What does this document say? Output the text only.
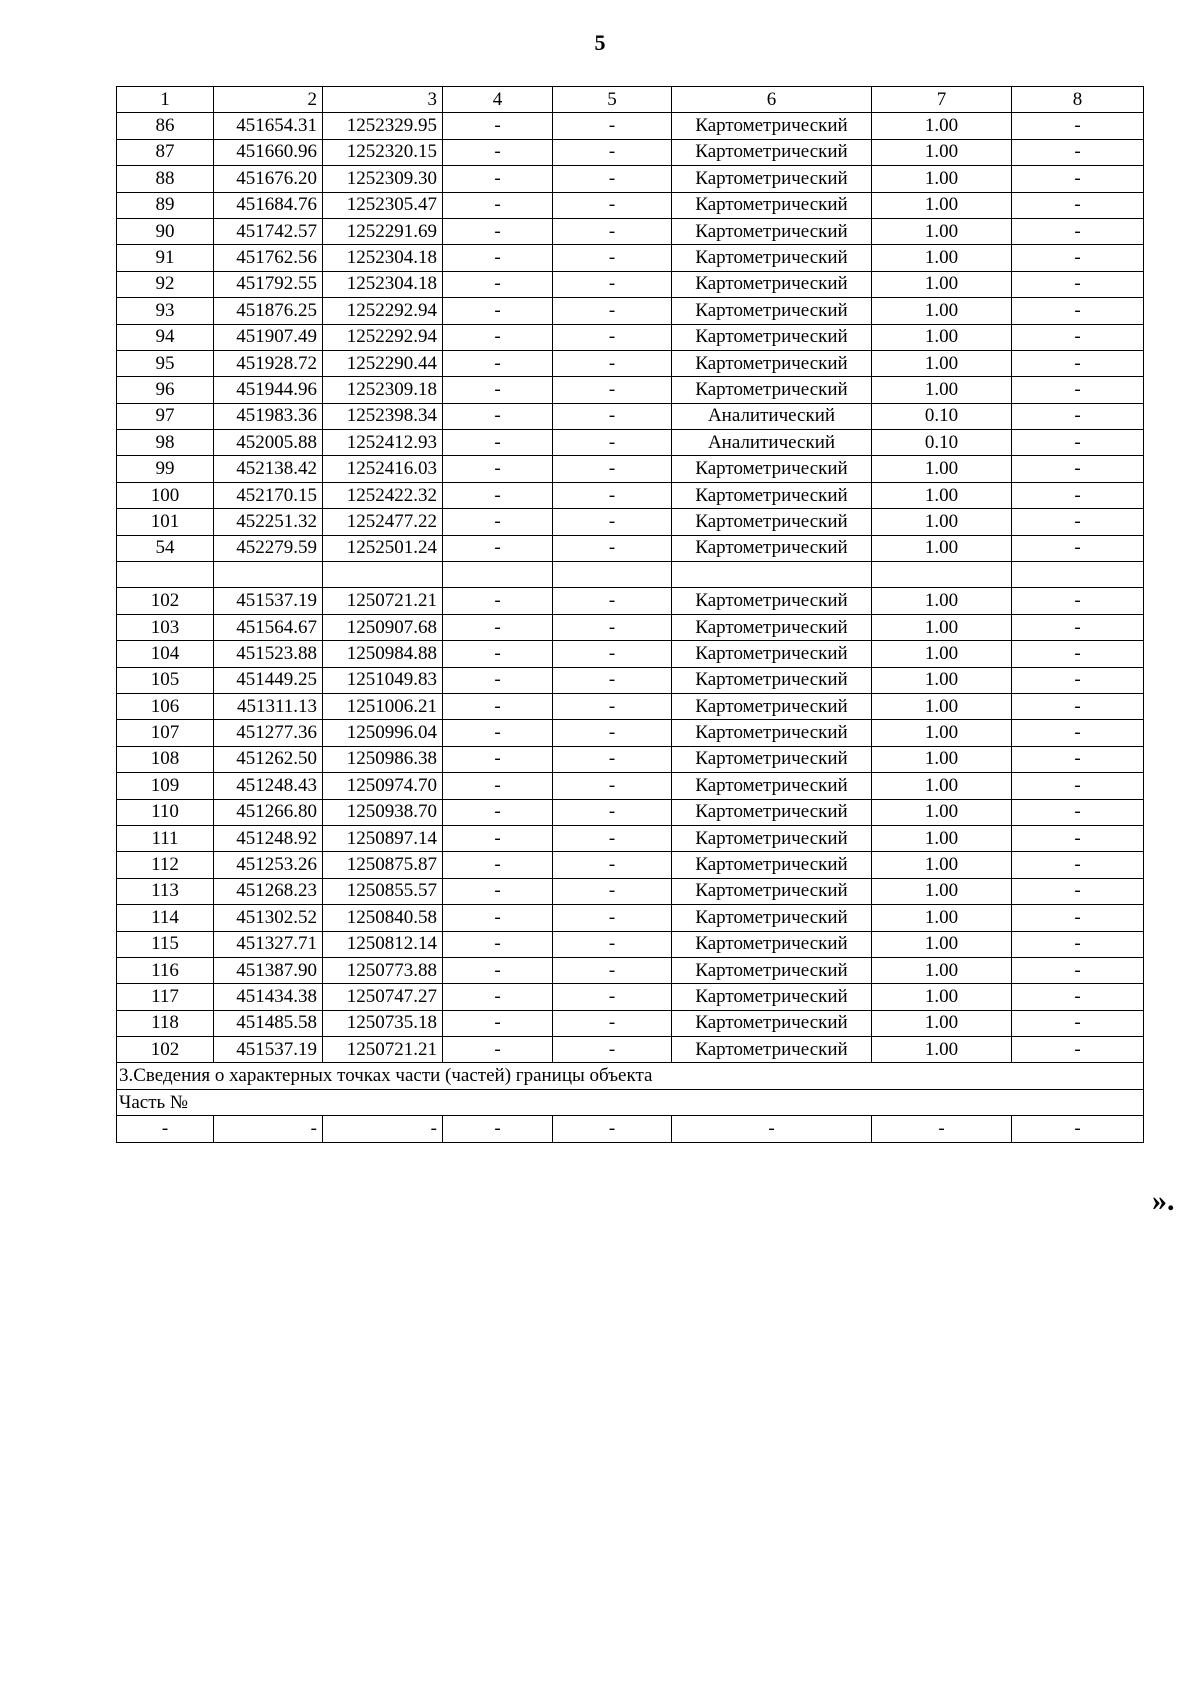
5
1	2	3	4	5	6	7	8
86	451654.31	1252329.95	-	-	Картометрический	1.00	-
87	451660.96	1252320.15	-	-	Картометрический	1.00	-
88	451676.20	1252309.30	-	-	Картометрический	1.00	-
89	451684.76	1252305.47	-	-	Картометрический	1.00	-
90	451742.57	1252291.69	-	-	Картометрический	1.00	-
91	451762.56	1252304.18	-	-	Картометрический	1.00	-
92	451792.55	1252304.18	-	-	Картометрический	1.00	-
93	451876.25	1252292.94	-	-	Картометрический	1.00	-
94	451907.49	1252292.94	-	-	Картометрический	1.00	-
95	451928.72	1252290.44	-	-	Картометрический	1.00	-
96	451944.96	1252309.18	-	-	Картометрический	1.00	-
97	451983.36	1252398.34	-	-	Аналитический	0.10	-
98	452005.88	1252412.93	-	-	Аналитический	0.10	-
99	452138.42	1252416.03	-	-	Картометрический	1.00	-
100	452170.15	1252422.32	-	-	Картометрический	1.00	-
101	452251.32	1252477.22	-	-	Картометрический	1.00	-
54	452279.59	1252501.24	-	-	Картометрический	1.00	-

102	451537.19	1250721.21	-	-	Картометрический	1.00	-
103	451564.67	1250907.68	-	-	Картометрический	1.00	-
104	451523.88	1250984.88	-	-	Картометрический	1.00	-
105	451449.25	1251049.83	-	-	Картометрический	1.00	-
106	451311.13	1251006.21	-	-	Картометрический	1.00	-
107	451277.36	1250996.04	-	-	Картометрический	1.00	-
108	451262.50	1250986.38	-	-	Картометрический	1.00	-
109	451248.43	1250974.70	-	-	Картометрический	1.00	-
110	451266.80	1250938.70	-	-	Картометрический	1.00	-
111	451248.92	1250897.14	-	-	Картометрический	1.00	-
112	451253.26	1250875.87	-	-	Картометрический	1.00	-
113	451268.23	1250855.57	-	-	Картометрический	1.00	-
114	451302.52	1250840.58	-	-	Картометрический	1.00	-
115	451327.71	1250812.14	-	-	Картометрический	1.00	-
116	451387.90	1250773.88	-	-	Картометрический	1.00	-
117	451434.38	1250747.27	-	-	Картометрический	1.00	-
118	451485.58	1250735.18	-	-	Картометрический	1.00	-
102	451537.19	1250721.21	-	-	Картометрический	1.00	-
3.Сведения о характерных точках части (частей) границы объекта							
Часть №							
-	-	-	-	-	-	-	-
».
